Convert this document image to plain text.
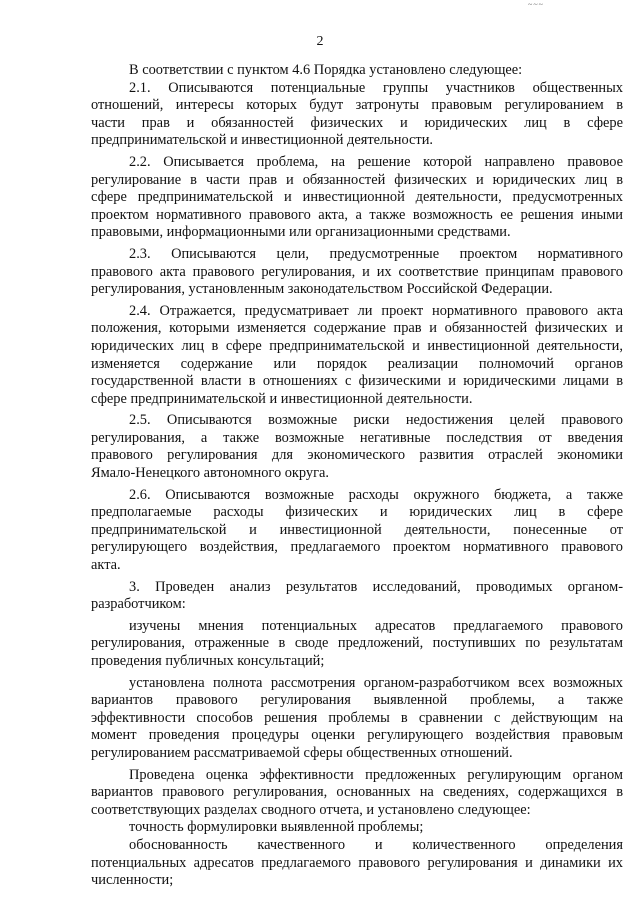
~~~
2

В соответствии с пунктом 4.6 Порядка установлено следующее:

2.1. Описываются потенциальные группы участников общественных
отношений, интересы которых будут затронуты правовым регулированием в
части прав и обязанностей физических и юридических лиц в сфере
предпринимательской и инвестиционной деятельности.

2.2. Описывается проблема, на решение которой направлено правовое
регулирование в части прав и обязанностей физических и юридических лиц в
сфере предпринимательской и инвестиционной деятельности, предусмотренных
проектом нормативного правового акта, а также возможность ее решения иными
правовыми, информационными или организационными средствами.

2.3. Описываются цели, предусмотренные проектом нормативного
правового акта правового регулирования, и их соответствие принципам правового
регулирования, установленным законодательством Российской Федерации.

2.4. Отражается, предусматривает ли проект нормативного правового акта
положения, которыми изменяется содержание прав и обязанностей физических и
юридических лиц в сфере предпринимательской и инвестиционной деятельности,
изменяется содержание или порядок реализации полномочий органов
государственной власти в отношениях с физическими и юридическими лицами в
сфере предпринимательской и инвестиционной деятельности.

2.5. Описываются возможные риски недостижения целей правового
регулирования, а также возможные негативные последствия от введения
правового регулирования для экономического развития отраслей экономики
Ямало-Ненецкого автономного округа.

2.6. Описываются возможные расходы окружного бюджета, а также
предполагаемые расходы физических и юридических лиц в сфере
предпринимательской и инвестиционной деятельности, понесенные от
регулирующего воздействия, предлагаемого проектом нормативного правового
акта.

3. Проведен анализ результатов исследований, проводимых органом-
разработчиком:

изучены мнения потенциальных адресатов предлагаемого правового
регулирования, отраженные в своде предложений, поступивших по результатам
проведения публичных консультаций;

установлена полнота рассмотрения органом-разработчиком всех возможных
вариантов правового регулирования выявленной проблемы, а также
эффективности способов решения проблемы в сравнении с действующим на
момент проведения процедуры оценки регулирующего воздействия правовым
регулированием рассматриваемой сферы общественных отношений.

Проведена оценка эффективности предложенных регулирующим органом
вариантов правового регулирования, основанных на сведениях, содержащихся в
соответствующих разделах сводного отчета, и установлено следующее:

точность формулировки выявленной проблемы;

обоснованность качественного и количественного определения
потенциальных адресатов предлагаемого правового регулирования и динамики их
численности;
